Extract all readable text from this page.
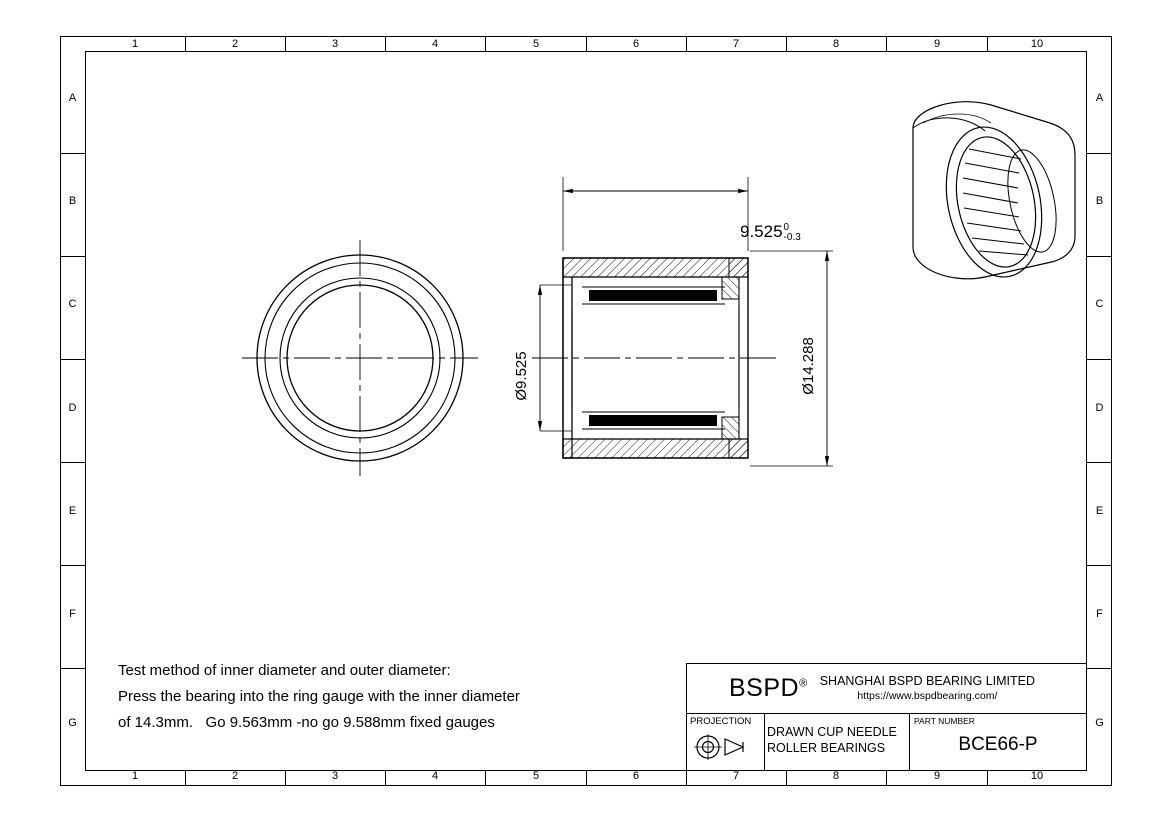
1	2	3	4	5	6	7	8	9	10
1	2	3	4	5	6	7	8	9	10
A
B
C
D
E
F
G
A
B
C
D
E
F
G
9.525 0
-0.3
Ø9.525	Ø14.288
Test method of inner diameter and outer diameter:
Press the bearing into the ring gauge with the inner diameter
of 14.3mm.   Go 9.563mm -no go 9.588mm fixed gauges
BSPD® SHANGHAI BSPD BEARING LIMITED
https://www.bspdbearing.com/
PROJECTION
DRAWN CUP NEEDLE
ROLLER BEARINGS
PART NUMBER
BCE66-P
